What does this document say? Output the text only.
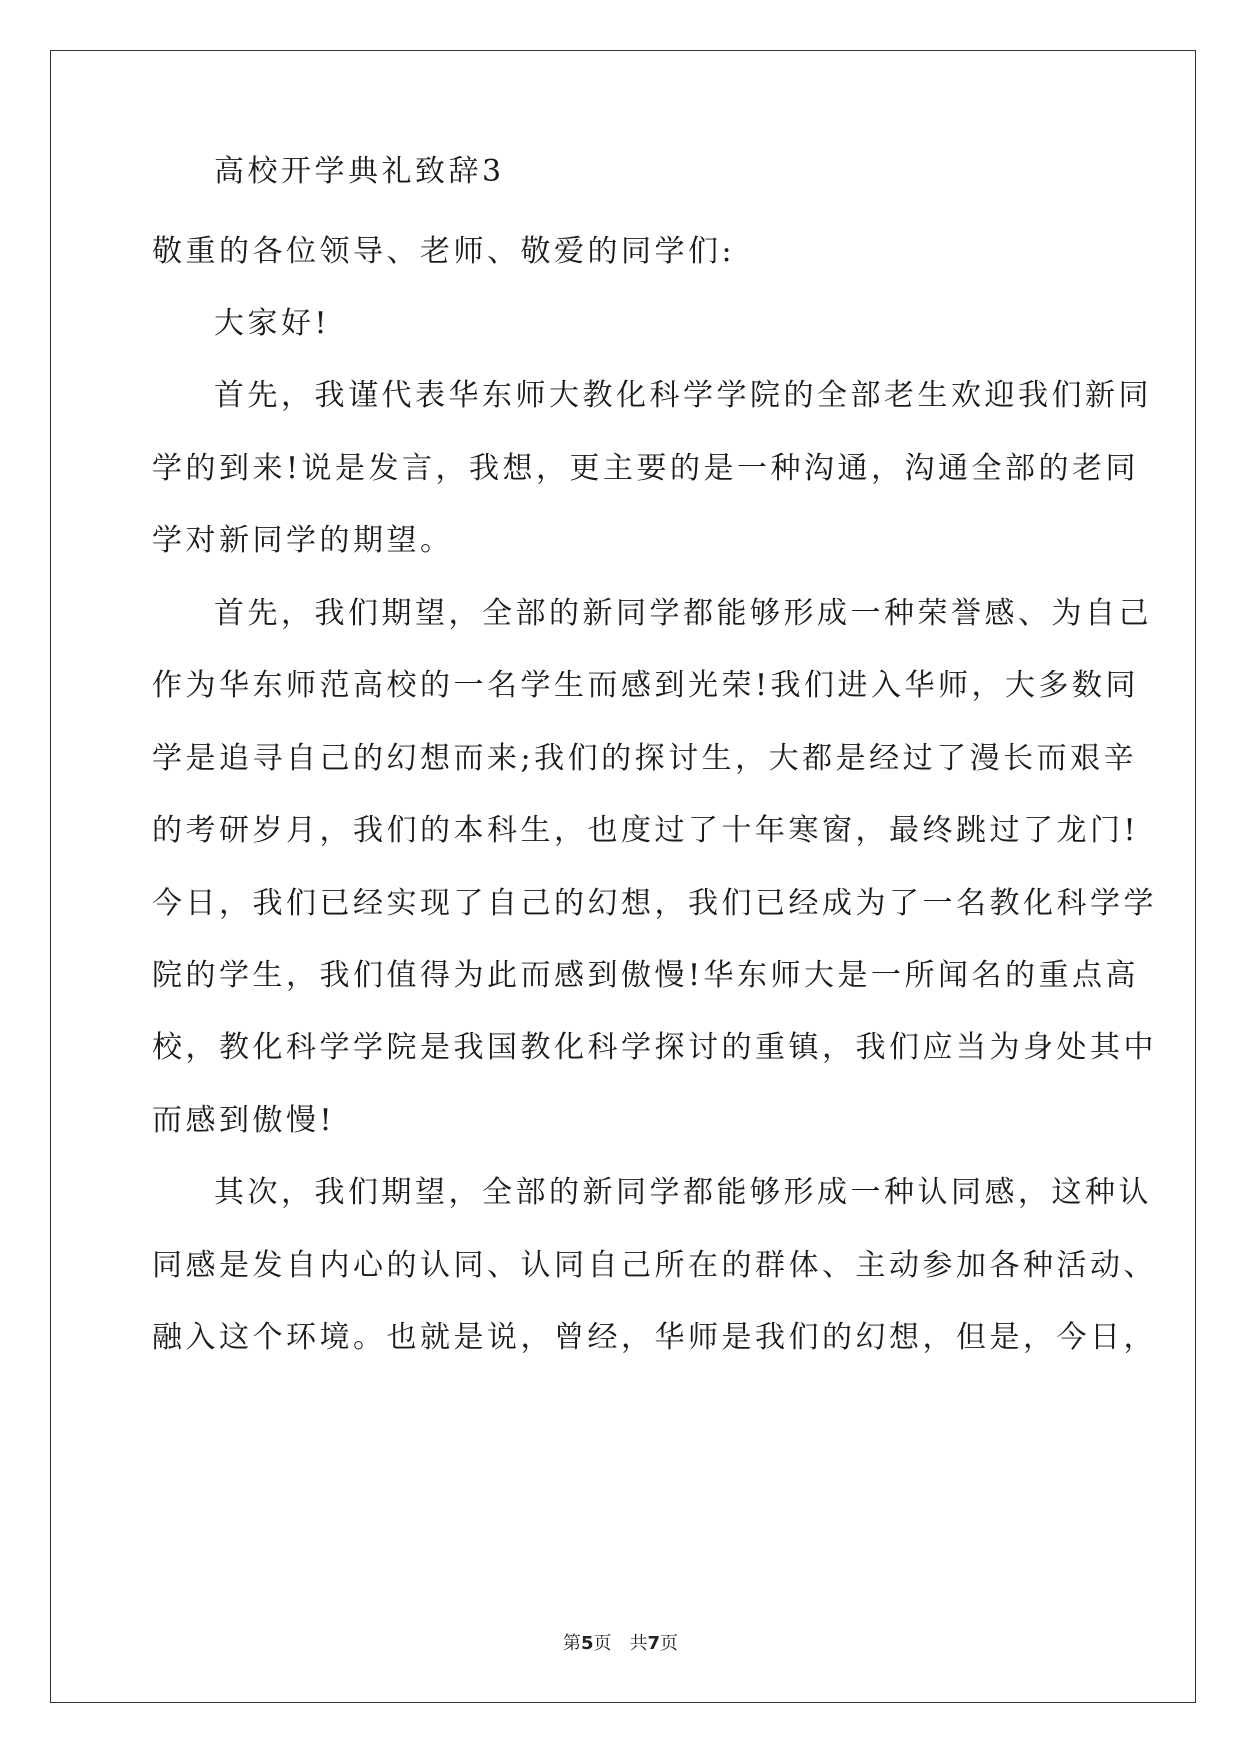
高校开学典礼致辞3
敬重的各位领导、老师、敬爱的同学们:
大家好!
首先，我谨代表华东师大教化科学学院的全部老生欢迎我们新同
学的到来!说是发言，我想，更主要的是一种沟通，沟通全部的老同
学对新同学的期望。
首先，我们期望，全部的新同学都能够形成一种荣誉感、为自己
作为华东师范高校的一名学生而感到光荣!我们进入华师，大多数同
学是追寻自己的幻想而来;我们的探讨生，大都是经过了漫长而艰辛
的考研岁月，我们的本科生，也度过了十年寒窗，最终跳过了龙门!
今日，我们已经实现了自己的幻想，我们已经成为了一名教化科学学
院的学生，我们值得为此而感到傲慢!华东师大是一所闻名的重点高
校，教化科学学院是我国教化科学探讨的重镇，我们应当为身处其中
而感到傲慢!
其次，我们期望，全部的新同学都能够形成一种认同感，这种认
同感是发自内心的认同、认同自己所在的群体、主动参加各种活动、
融入这个环境。也就是说，曾经，华师是我们的幻想，但是，今日，
第5页　共7页
